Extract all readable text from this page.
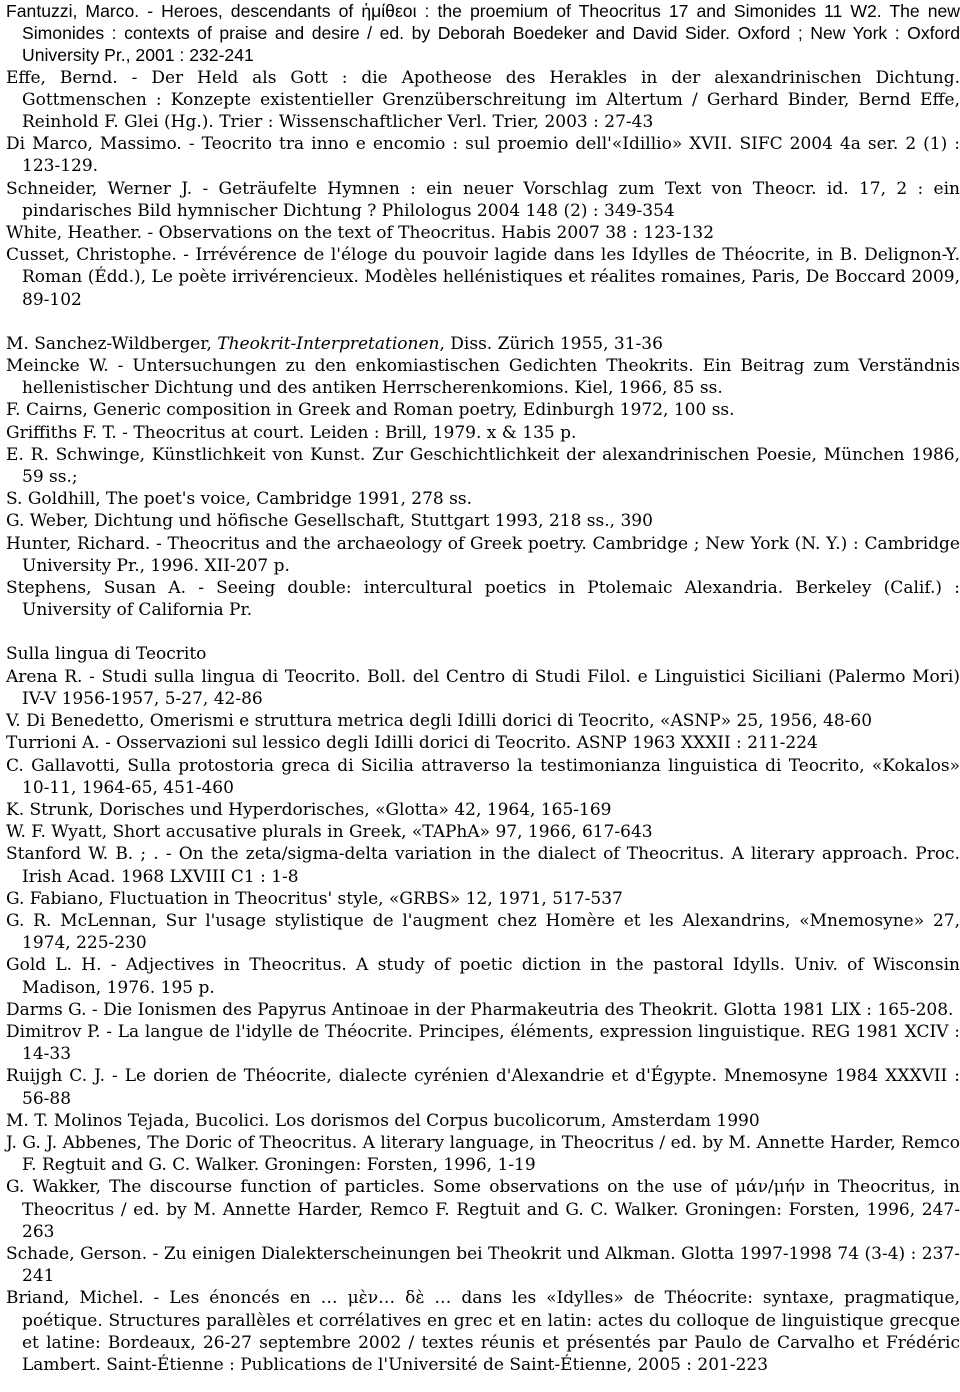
Fantuzzi, Marco. - Heroes, descendants of ἡμίθεοι : the proemium of Theocritus 17 and Simonides 11 W2. The new Simonides : contexts of praise and desire / ed. by Deborah Boedeker and David Sider. Oxford ; New York : Oxford University Pr., 2001 : 232-241

Effe, Bernd. - Der Held als Gott : die Apotheose des Herakles in der alexandrinischen Dichtung. Gottmenschen : Konzepte existentieller Grenzüberschreitung im Altertum / Gerhard Binder, Bernd Effe, Reinhold F. Glei (Hg.). Trier : Wissenschaftlicher Verl. Trier, 2003 : 27-43

Di Marco, Massimo. - Teocrito tra inno e encomio : sul proemio dell'«Idillio» XVII. SIFC 2004 4a ser. 2 (1) : 123-129.

Schneider, Werner J. - Geträufelte Hymnen : ein neuer Vorschlag zum Text von Theocr. id. 17, 2 : ein pindarisches Bild hymnischer Dichtung ? Philologus 2004 148 (2) : 349-354

White, Heather. - Observations on the text of Theocritus. Habis 2007 38 : 123-132

Cusset, Christophe. - Irrévérence de l'éloge du pouvoir lagide dans les Idylles de Théocrite, in B. Delignon-Y. Roman (Édd.), Le poète irrivérencieux. Modèles hellénistiques et réalites romaines, Paris, De Boccard 2009, 89-102

M. Sanchez-Wildberger, Theokrit-Interpretationen, Diss. Zürich 1955, 31-36

Meincke W. - Untersuchungen zu den enkomiastischen Gedichten Theokrits. Ein Beitrag zum Verständnis hellenistischer Dichtung und des antiken Herrscherenkomions. Kiel, 1966, 85 ss.

F. Cairns, Generic composition in Greek and Roman poetry, Edinburgh 1972, 100 ss.

Griffiths F. T. - Theocritus at court. Leiden : Brill, 1979. x & 135 p.

E. R. Schwinge, Künstlichkeit von Kunst. Zur Geschichtlichkeit der alexandrinischen Poesie, München 1986, 59 ss.;

S. Goldhill, The poet's voice, Cambridge 1991, 278 ss.

G. Weber, Dichtung und höfische Gesellschaft, Stuttgart 1993, 218 ss., 390

Hunter, Richard. - Theocritus and the archaeology of Greek poetry. Cambridge ; New York (N. Y.) : Cambridge University Pr., 1996. XII-207 p.

Stephens, Susan A. - Seeing double: intercultural poetics in Ptolemaic Alexandria. Berkeley (Calif.) : University of California Pr.

Sulla lingua di Teocrito

Arena R. - Studi sulla lingua di Teocrito. Boll. del Centro di Studi Filol. e Linguistici Siciliani (Palermo Mori) IV-V 1956-1957, 5-27, 42-86

V. Di Benedetto, Omerismi e struttura metrica degli Idilli dorici di Teocrito, «ASNP» 25, 1956, 48-60

Turrioni A. - Osservazioni sul lessico degli Idilli dorici di Teocrito. ASNP 1963 XXXII : 211-224

C. Gallavotti, Sulla protostoria greca di Sicilia attraverso la testimonianza linguistica di Teocrito, «Kokalos» 10-11, 1964-65, 451-460

K. Strunk, Dorisches und Hyperdorisches, «Glotta» 42, 1964, 165-169

W. F. Wyatt, Short accusative plurals in Greek, «TAPhA» 97, 1966, 617-643

Stanford W. B. ; . - On the zeta/sigma-delta variation in the dialect of Theocritus. A literary approach. Proc. Irish Acad. 1968 LXVIII C1 : 1-8

G. Fabiano, Fluctuation in Theocritus' style, «GRBS» 12, 1971, 517-537

G. R. McLennan, Sur l'usage stylistique de l'augment chez Homère et les Alexandrins, «Mnemosyne» 27, 1974, 225-230

Gold L. H. - Adjectives in Theocritus. A study of poetic diction in the pastoral Idylls. Univ. of Wisconsin Madison, 1976. 195 p.

Darms G. - Die Ionismen des Papyrus Antinoae in der Pharmakeutria des Theokrit. Glotta 1981 LIX : 165-208.

Dimitrov P. - La langue de l'idylle de Théocrite. Principes, éléments, expression linguistique. REG 1981 XCIV : 14-33

Ruijgh C. J. - Le dorien de Théocrite, dialecte cyrénien d'Alexandrie et d'Égypte. Mnemosyne 1984 XXXVII : 56-88

M. T. Molinos Tejada, Bucolici. Los dorismos del Corpus bucolicorum, Amsterdam 1990

J. G. J. Abbenes, The Doric of Theocritus. A literary language, in Theocritus / ed. by M. Annette Harder, Remco F. Regtuit and G. C. Walker. Groningen: Forsten, 1996, 1-19

G. Wakker, The discourse function of particles. Some observations on the use of μάν/μήν in Theocritus, in Theocritus / ed. by M. Annette Harder, Remco F. Regtuit and G. C. Walker. Groningen: Forsten, 1996, 247-263

Schade, Gerson. - Zu einigen Dialekterscheinungen bei Theokrit und Alkman. Glotta 1997-1998 74 (3-4) : 237-241

Briand, Michel. - Les énoncés en … μὲν… δὲ … dans les «Idylles» de Théocrite: syntaxe, pragmatique, poétique. Structures parallèles et corrélatives en grec et en latin: actes du colloque de linguistique grecque et latine: Bordeaux, 26-27 septembre 2002 / textes réunis et présentés par Paulo de Carvalho et Frédéric Lambert. Saint-Étienne : Publications de l'Université de Saint-Étienne, 2005 : 201-223
